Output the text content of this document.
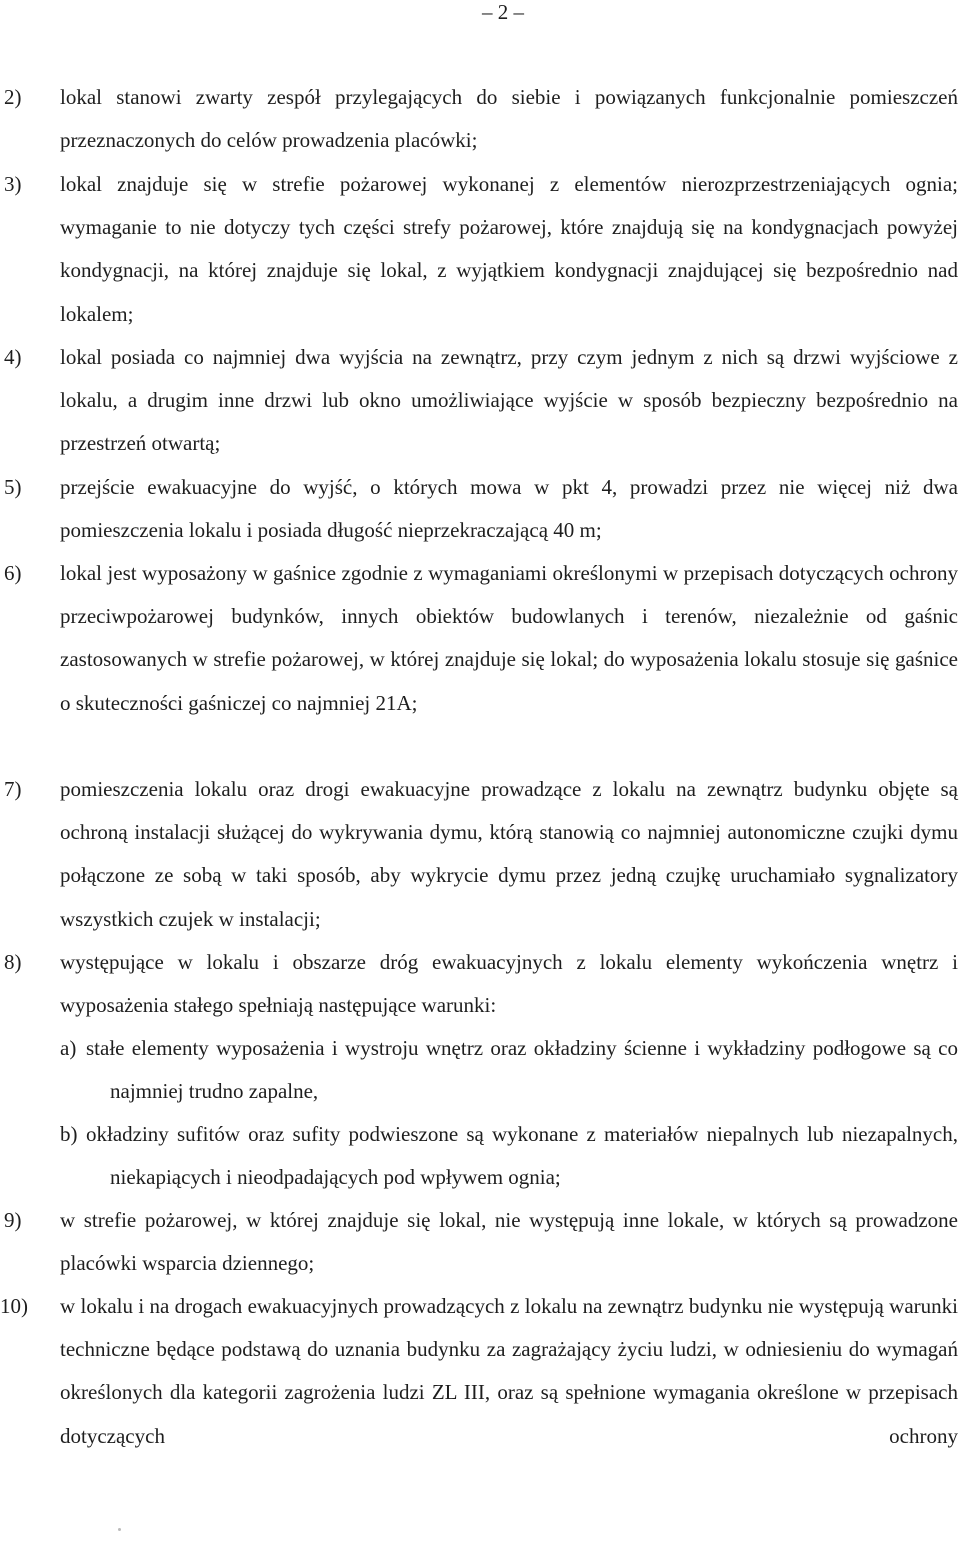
– 2 –
2) lokal stanowi zwarty zespół przylegających do siebie i powiązanych funkcjonalnie pomieszczeń przeznaczonych do celów prowadzenia placówki;
3) lokal znajduje się w strefie pożarowej wykonanej z elementów nierozprzestrzeniających ognia; wymaganie to nie dotyczy tych części strefy pożarowej, które znajdują się na kondygnacjach powyżej kondygnacji, na której znajduje się lokal, z wyjątkiem kondygnacji znajdującej się bezpośrednio nad lokalem;
4) lokal posiada co najmniej dwa wyjścia na zewnątrz, przy czym jednym z nich są drzwi wyjściowe z lokalu, a drugim inne drzwi lub okno umożliwiające wyjście w sposób bezpieczny bezpośrednio na przestrzeń otwartą;
5) przejście ewakuacyjne do wyjść, o których mowa w pkt 4, prowadzi przez nie więcej niż dwa pomieszczenia lokalu i posiada długość nieprzekraczającą 40 m;
6) lokal jest wyposażony w gaśnice zgodnie z wymaganiami określonymi w przepisach dotyczących ochrony przeciwpożarowej budynków, innych obiektów budowlanych i terenów, niezależnie od gaśnic zastosowanych w strefie pożarowej, w której znajduje się lokal; do wyposażenia lokalu stosuje się gaśnice o skuteczności gaśniczej co najmniej 21A;
7) pomieszczenia lokalu oraz drogi ewakuacyjne prowadzące z lokalu na zewnątrz budynku objęte są ochroną instalacji służącej do wykrywania dymu, którą stanowią co najmniej autonomiczne czujki dymu połączone ze sobą w taki sposób, aby wykrycie dymu przez jedną czujkę uruchamiało sygnalizatory wszystkich czujek w instalacji;
8) występujące w lokalu i obszarze dróg ewakuacyjnych z lokalu elementy wykończenia wnętrz i wyposażenia stałego spełniają następujące warunki:
a) stałe elementy wyposażenia i wystroju wnętrz oraz okładziny ścienne i wykładziny podłogowe są co najmniej trudno zapalne,
b) okładziny sufitów oraz sufity podwieszone są wykonane z materiałów niepalnych lub niezapalnych, niekapiących i nieodpadających pod wpływem ognia;
9) w strefie pożarowej, w której znajduje się lokal, nie występują inne lokale, w których są prowadzone placówki wsparcia dziennego;
10) w lokalu i na drogach ewakuacyjnych prowadzących z lokalu na zewnątrz budynku nie występują warunki techniczne będące podstawą do uznania budynku za zagrażający życiu ludzi, w odniesieniu do wymagań określonych dla kategorii zagrożenia ludzi ZL III, oraz są spełnione wymagania określone w przepisach dotyczących ochrony
